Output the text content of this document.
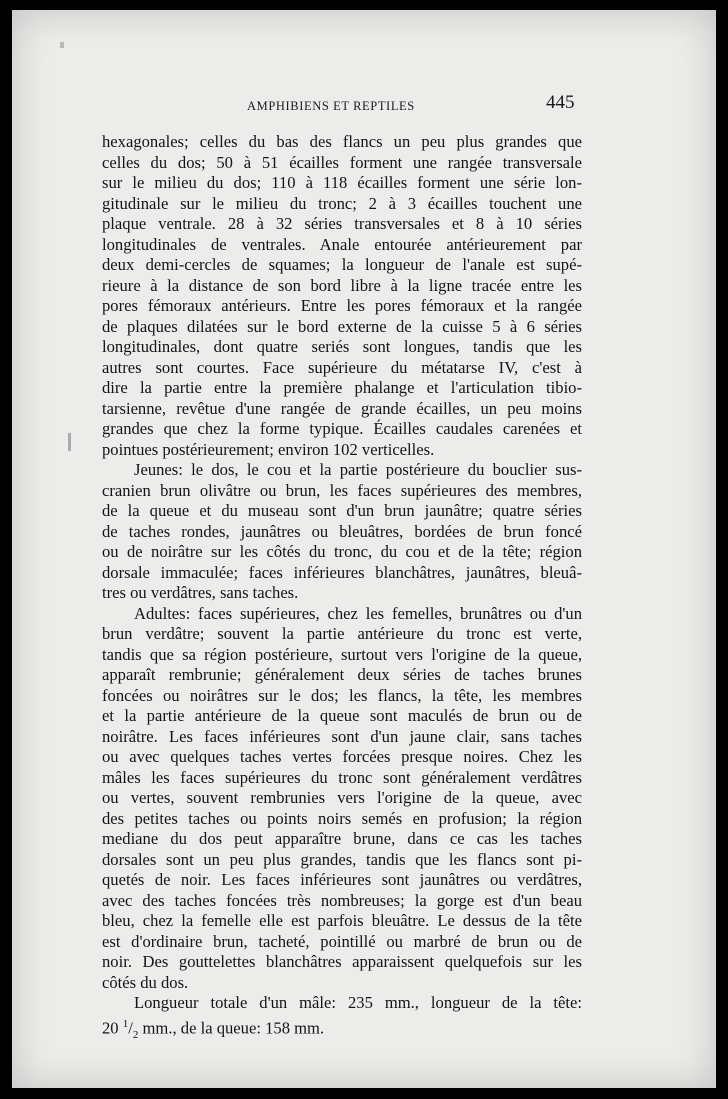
AMPHIBIENS ET REPTILES	445
hexagonales; celles du bas des flancs un peu plus grandes que
celles du dos; 50 à 51 écailles forment une rangée transversale
sur le milieu du dos; 110 à 118 écailles forment une série lon-
gitudinale sur le milieu du tronc; 2 à 3 écailles touchent une
plaque ventrale. 28 à 32 séries transversales et 8 à 10 séries
longitudinales de ventrales. Anale entourée antérieurement par
deux demi-cercles de squames; la longueur de l'anale est supé-
rieure à la distance de son bord libre à la ligne tracée entre les
pores fémoraux antérieurs. Entre les pores fémoraux et la rangée
de plaques dilatées sur le bord externe de la cuisse 5 à 6 séries
longitudinales, dont quatre seriés sont longues, tandis que les
autres sont courtes. Face supérieure du métatarse IV, c'est à
dire la partie entre la première phalange et l'articulation tibio-
tarsienne, revêtue d'une rangée de grande écailles, un peu moins
grandes que chez la forme typique. Écailles caudales carenées et
pointues postérieurement; environ 102 verticelles.
Jeunes: le dos, le cou et la partie postérieure du bouclier sus-
cranien brun olivâtre ou brun, les faces supérieures des membres,
de la queue et du museau sont d'un brun jaunâtre; quatre séries
de taches rondes, jaunâtres ou bleuâtres, bordées de brun foncé
ou de noirâtre sur les côtés du tronc, du cou et de la tête; région
dorsale immaculée; faces inférieures blanchâtres, jaunâtres, bleuâ-
tres ou verdâtres, sans taches.
Adultes: faces supérieures, chez les femelles, brunâtres ou d'un
brun verdâtre; souvent la partie antérieure du tronc est verte,
tandis que sa région postérieure, surtout vers l'origine de la queue,
apparaît rembrunie; généralement deux séries de taches brunes
foncées ou noirâtres sur le dos; les flancs, la tête, les membres
et la partie antérieure de la queue sont maculés de brun ou de
noirâtre. Les faces inférieures sont d'un jaune clair, sans taches
ou avec quelques taches vertes forcées presque noires. Chez les
mâles les faces supérieures du tronc sont généralement verdâtres
ou vertes, souvent rembrunies vers l'origine de la queue, avec
des petites taches ou points noirs semés en profusion; la région
mediane du dos peut apparaître brune, dans ce cas les taches
dorsales sont un peu plus grandes, tandis que les flancs sont pi-
quetés de noir. Les faces inférieures sont jaunâtres ou verdâtres,
avec des taches foncées très nombreuses; la gorge est d'un beau
bleu, chez la femelle elle est parfois bleuâtre. Le dessus de la tête
est d'ordinaire brun, tacheté, pointillé ou marbré de brun ou de
noir. Des gouttelettes blanchâtres apparaissent quelquefois sur les
côtés du dos.
Longueur totale d'un mâle: 235 mm., longueur de la tête:
20 $^1/_2$ mm., de la queue: 158 mm.
